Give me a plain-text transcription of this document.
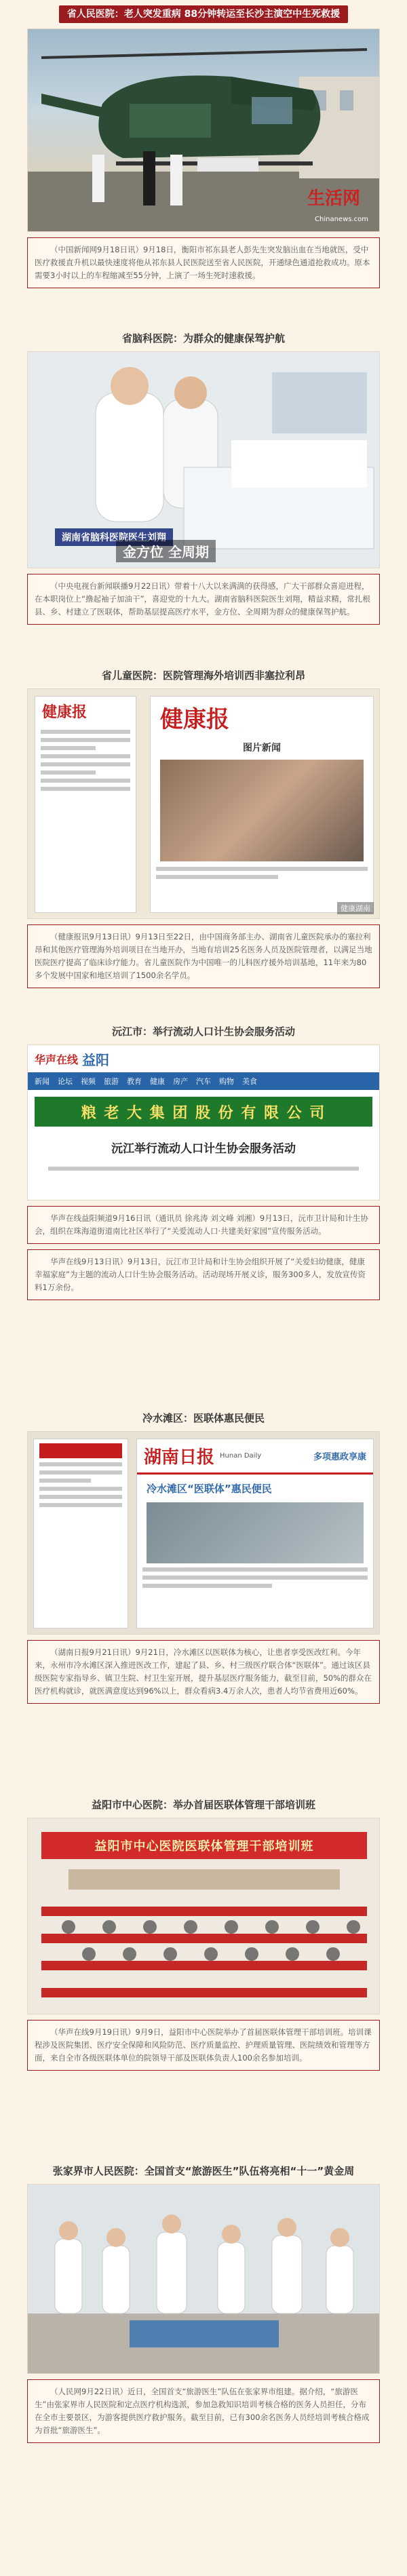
省人民医院：老人突发重病 88分钟转运至长沙主演空中生死救援
生活网
Chinanews.com
（中国新闻网9月18日讯）9月18日，衡阳市祁东县老人彭先生突发脑出血在当地就医，受中医疗救援直升机以最快速度将他从祁东县人民医院送至省人民医院，开通绿色通道抢救成功。原本需要3小时以上的车程缩减至55分钟，上演了一场生死时速救援。
省脑科医院：为群众的健康保驾护航
湖南省脑科医院医生刘翔
金方位 全周期
（中央电视台新闻联播9月22日讯）带着十八大以来满满的获得感，广大干部群众喜迎进程，在本职岗位上“撸起袖子加油干”，喜迎党的十九大。湖南省脑科医院医生刘翔，精益求精，常扎根县、乡、村建立了医联体，帮助基层提高医疗水平，金方位、全周期为群众的健康保驾护航。
省儿童医院：医院管理海外培训西非塞拉利昂
健康报	健康报
图片新闻
健康湖南
（健康报讯9月13日讯）9月13日至22日，由中国商务部主办、湖南省儿童医院承办的塞拉利昂和其他医疗管理海外培训项目在当地开办，当地有培训25名医务人员及医院管理者，以满足当地医院医疗提高了临床诊疗能力。省儿童医院作为中国唯一的儿科医疗援外培训基地，11年来为80多个发展中国家和地区培训了1500余名学员。
沅江市：举行流动人口计生协会服务活动
华声在线 益阳
新闻 论坛 视频 旅游 教育 健康 房产 汽车 购物 美食
粮 老 大 集 团 股 份 有 限 公 司
沅江举行流动人口计生协会服务活动
华声在线益阳频道9月16日讯（通讯员 徐兆涛 刘文峰 刘湘）9月13日，沅市卫计局和计生协会，组织在珠海道街道南比社区举行了“关爱流动人口·共建美好家园”宣传服务活动。
华声在线9月13日讯）9月13日，沅江市卫计局和计生协会组织开展了“关爱妇幼健康，健康幸福家庭”为主题的流动人口计生协会服务活动。活动现场开展义诊，服务300多人，发放宣传资料1万余份。
冷水滩区：医联体惠民便民
湖南日报 Hunan Daily	多项惠政享康
冷水滩区“医联体”惠民便民
（湖南日报9月21日讯）9月21日，冷水滩区以医联体为核心，让患者享受医改红利。今年来，永州市冷水滩区深入推进医改工作，建起了县、乡、村三级医疗联合体“医联体”。通过该区县级医院专家指导乡、镇卫生院、村卫生室开展，提升基层医疗服务能力，截至目前，50%的群众在医疗机构就诊，就医满意度达到96%以上，群众看病3.4万余人次，患者人均节省费用近60%。
益阳市中心医院：举办首届医联体管理干部培训班
益阳市中心医院医联体管理干部培训班
（华声在线9月19日讯）9月9日，益阳市中心医院举办了首届医联体管理干部培训班。培训课程涉及医院集团、医疗安全保障和风险防范、医疗质量监控、护理质量管理、医院绩效和管理等方面，来自全市各级医联体单位的院领导干部及医联体负责人100余名参加培训。
张家界市人民医院：全国首支“旅游医生”队伍将亮相“十一”黄金周
（人民网9月22日讯）近日，全国首支“旅游医生”队伍在张家界市组建。据介绍，“旅游医生”由张家界市人民医院和定点医疗机构选派，参加急救知识培训考核合格的医务人员担任，分布在全市主要景区，为游客提供医疗救护服务。截至目前，已有300余名医务人员经培训考核合格成为首批“旅游医生”。
